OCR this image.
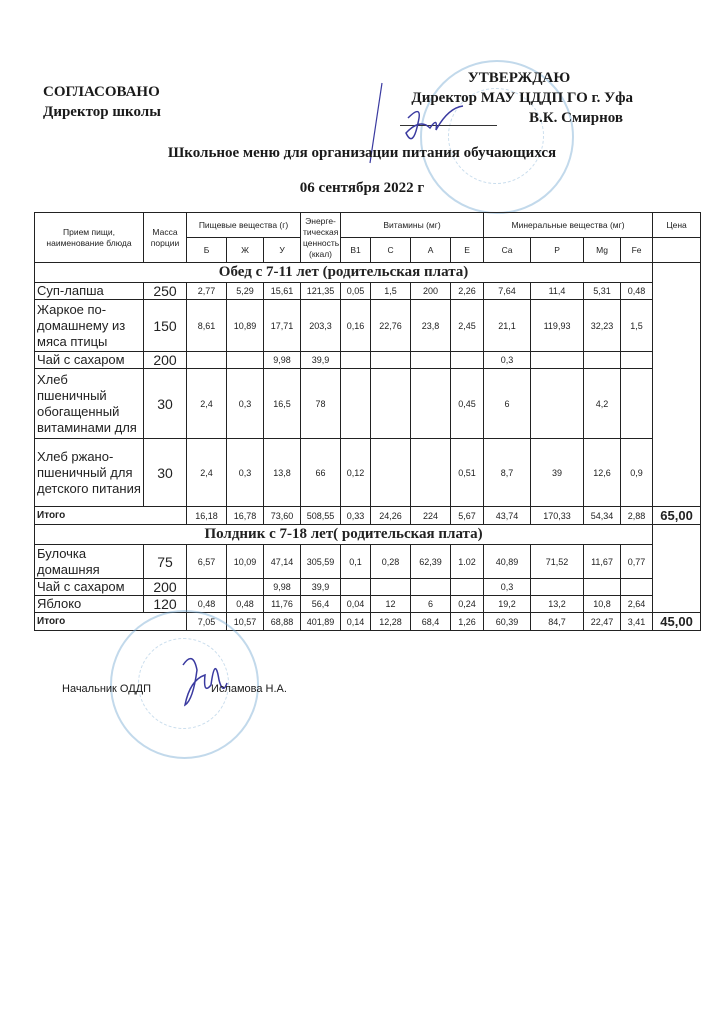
СОГЛАСОВАНО
Директор школы
УТВЕРЖДАЮ
Директор МАУ ЦДДП ГО г. Уфа
В.К. Смирнов
Школьное меню для организации питания обучающихся
06 сентября 2022 г
Прием пищи, наименование блюда	Масса порции	Пищевые вещества (г)			Энерге-тическая ценность (ккал)	Витамины (мг)				Минеральные вещества (мг)				Цена
		Б	Ж	У		B1	C	A	E	Ca	P	Mg	Fe	
Обед с 7-11 лет (родительская плата)														
Суп-лапша	250	2,77	5,29	15,61	121,35	0,05	1,5	200	2,26	7,64	11,4	5,31	0,48	
Жаркое по-домашнему из мяса птицы	150	8,61	10,89	17,71	203,3	0,16	22,76	23,8	2,45	21,1	119,93	32,23	1,5	
Чай с сахаром	200			9,98	39,9					0,3				
Хлеб пшеничный обогащенный витаминами для	30	2,4	0,3	16,5	78				0,45	6		4,2		
Хлеб ржано-пшеничный для детского питания	30	2,4	0,3	13,8	66	0,12			0,51	8,7	39	12,6	0,9	
Итого		16,18	16,78	73,60	508,55	0,33	24,26	224	5,67	43,74	170,33	54,34	2,88	65,00
Полдник с 7-18 лет( родительская плата)														
Булочка домашняя	75	6,57	10,09	47,14	305,59	0,1	0,28	62,39	1.02	40,89	71,52	11,67	0,77	
Чай с сахаром	200			9,98	39,9					0,3				
Яблоко	120	0,48	0,48	11,76	56,4	0,04	12	6	0,24	19,2	13,2	10,8	2,64	
Итого		7,05	10,57	68,88	401,89	0,14	12,28	68,4	1,26	60,39	84,7	22,47	3,41	45,00
Начальник ОДДП	Исламова Н.А.
